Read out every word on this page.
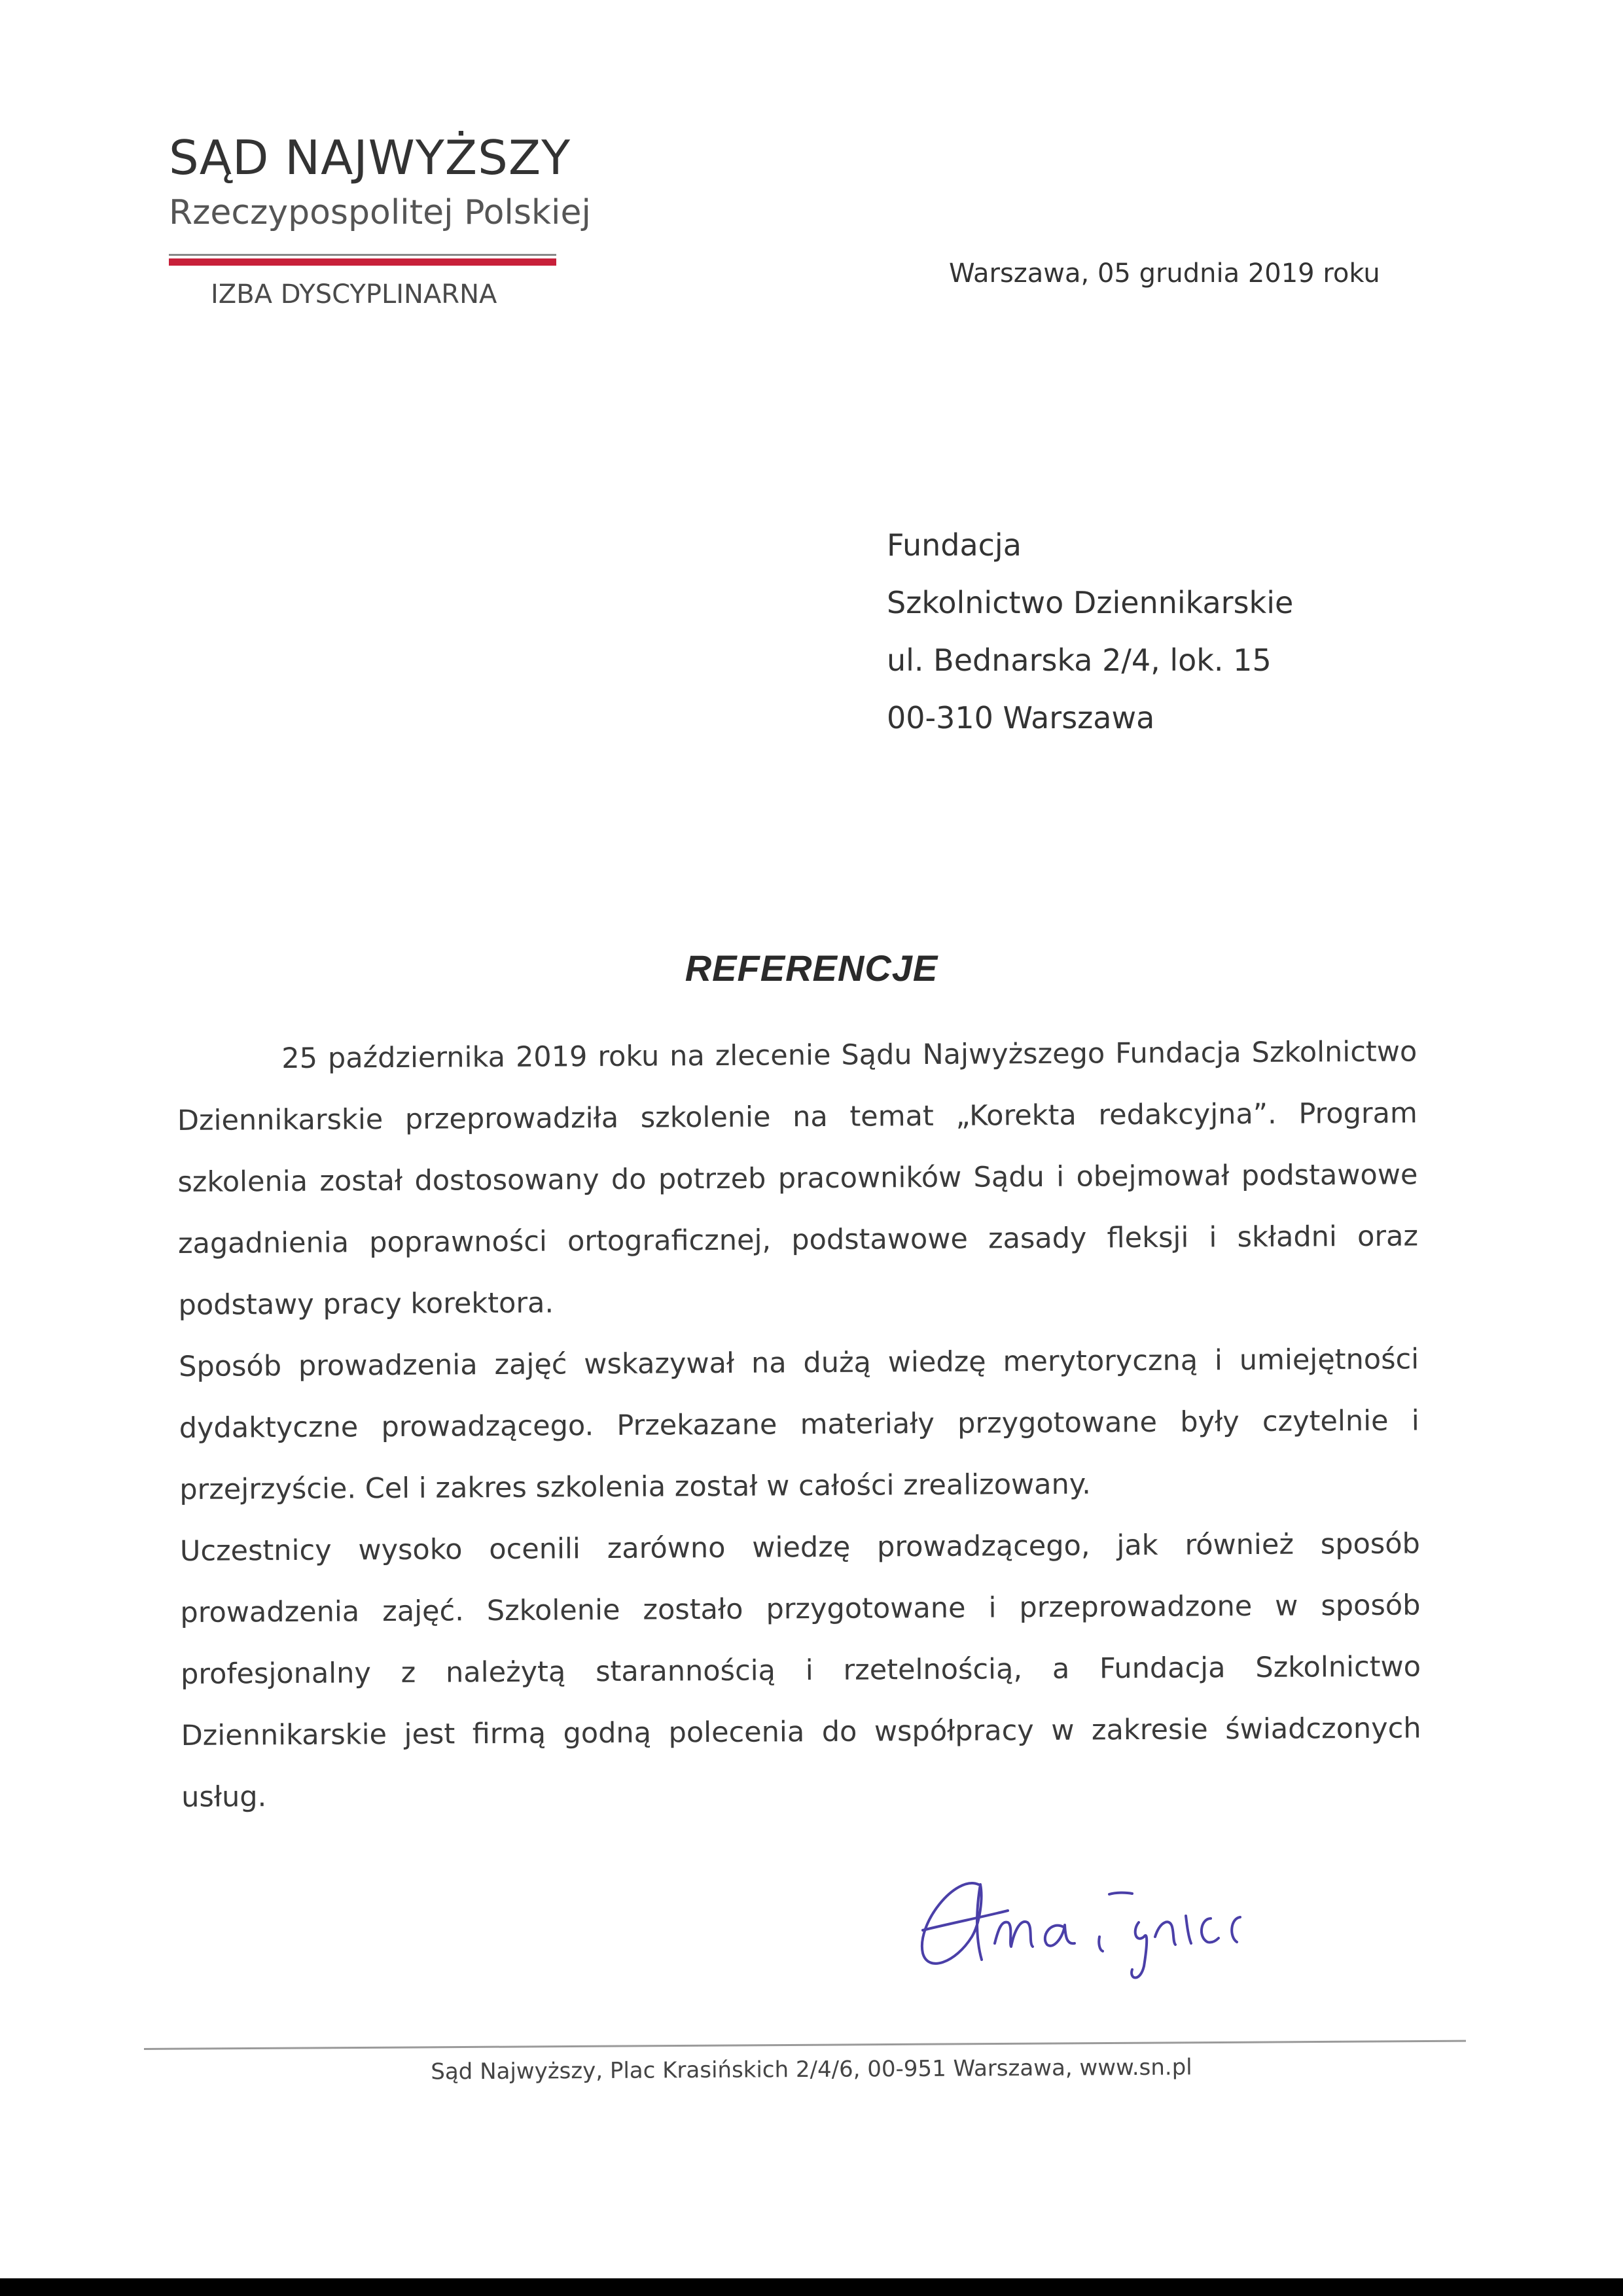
SĄD NAJWYŻSZY
Rzeczypospolitej Polskiej
IZBA DYSCYPLINARNA
Warszawa, 05 grudnia 2019 roku
Fundacja
Szkolnictwo Dziennikarskie
ul. Bednarska 2/4, lok. 15
00-310 Warszawa
REFERENCJE

25 października 2019 roku na zlecenie Sądu Najwyższego Fundacja Szkolnictwo Dziennikarskie przeprowadziła szkolenie na temat „Korekta redakcyjna”. Program szkolenia został dostosowany do potrzeb pracowników Sądu i obejmował podstawowe zagadnienia poprawności ortograficznej, podstawowe zasady fleksji i składni oraz podstawy pracy korektora.

Sposób prowadzenia zajęć wskazywał na dużą wiedzę merytoryczną i umiejętności dydaktyczne prowadzącego. Przekazane materiały przygotowane były czytelnie i przejrzyście. Cel i zakres szkolenia został w całości zrealizowany.

Uczestnicy wysoko ocenili zarówno wiedzę prowadzącego, jak również sposób prowadzenia zajęć. Szkolenie zostało przygotowane i przeprowadzone w sposób profesjonalny z należytą starannością i rzetelnością, a Fundacja Szkolnictwo Dziennikarskie jest firmą godną polecenia do współpracy w zakresie świadczonych usług.

Sąd Najwyższy, Plac Krasińskich 2/4/6, 00-951 Warszawa, www.sn.pl
